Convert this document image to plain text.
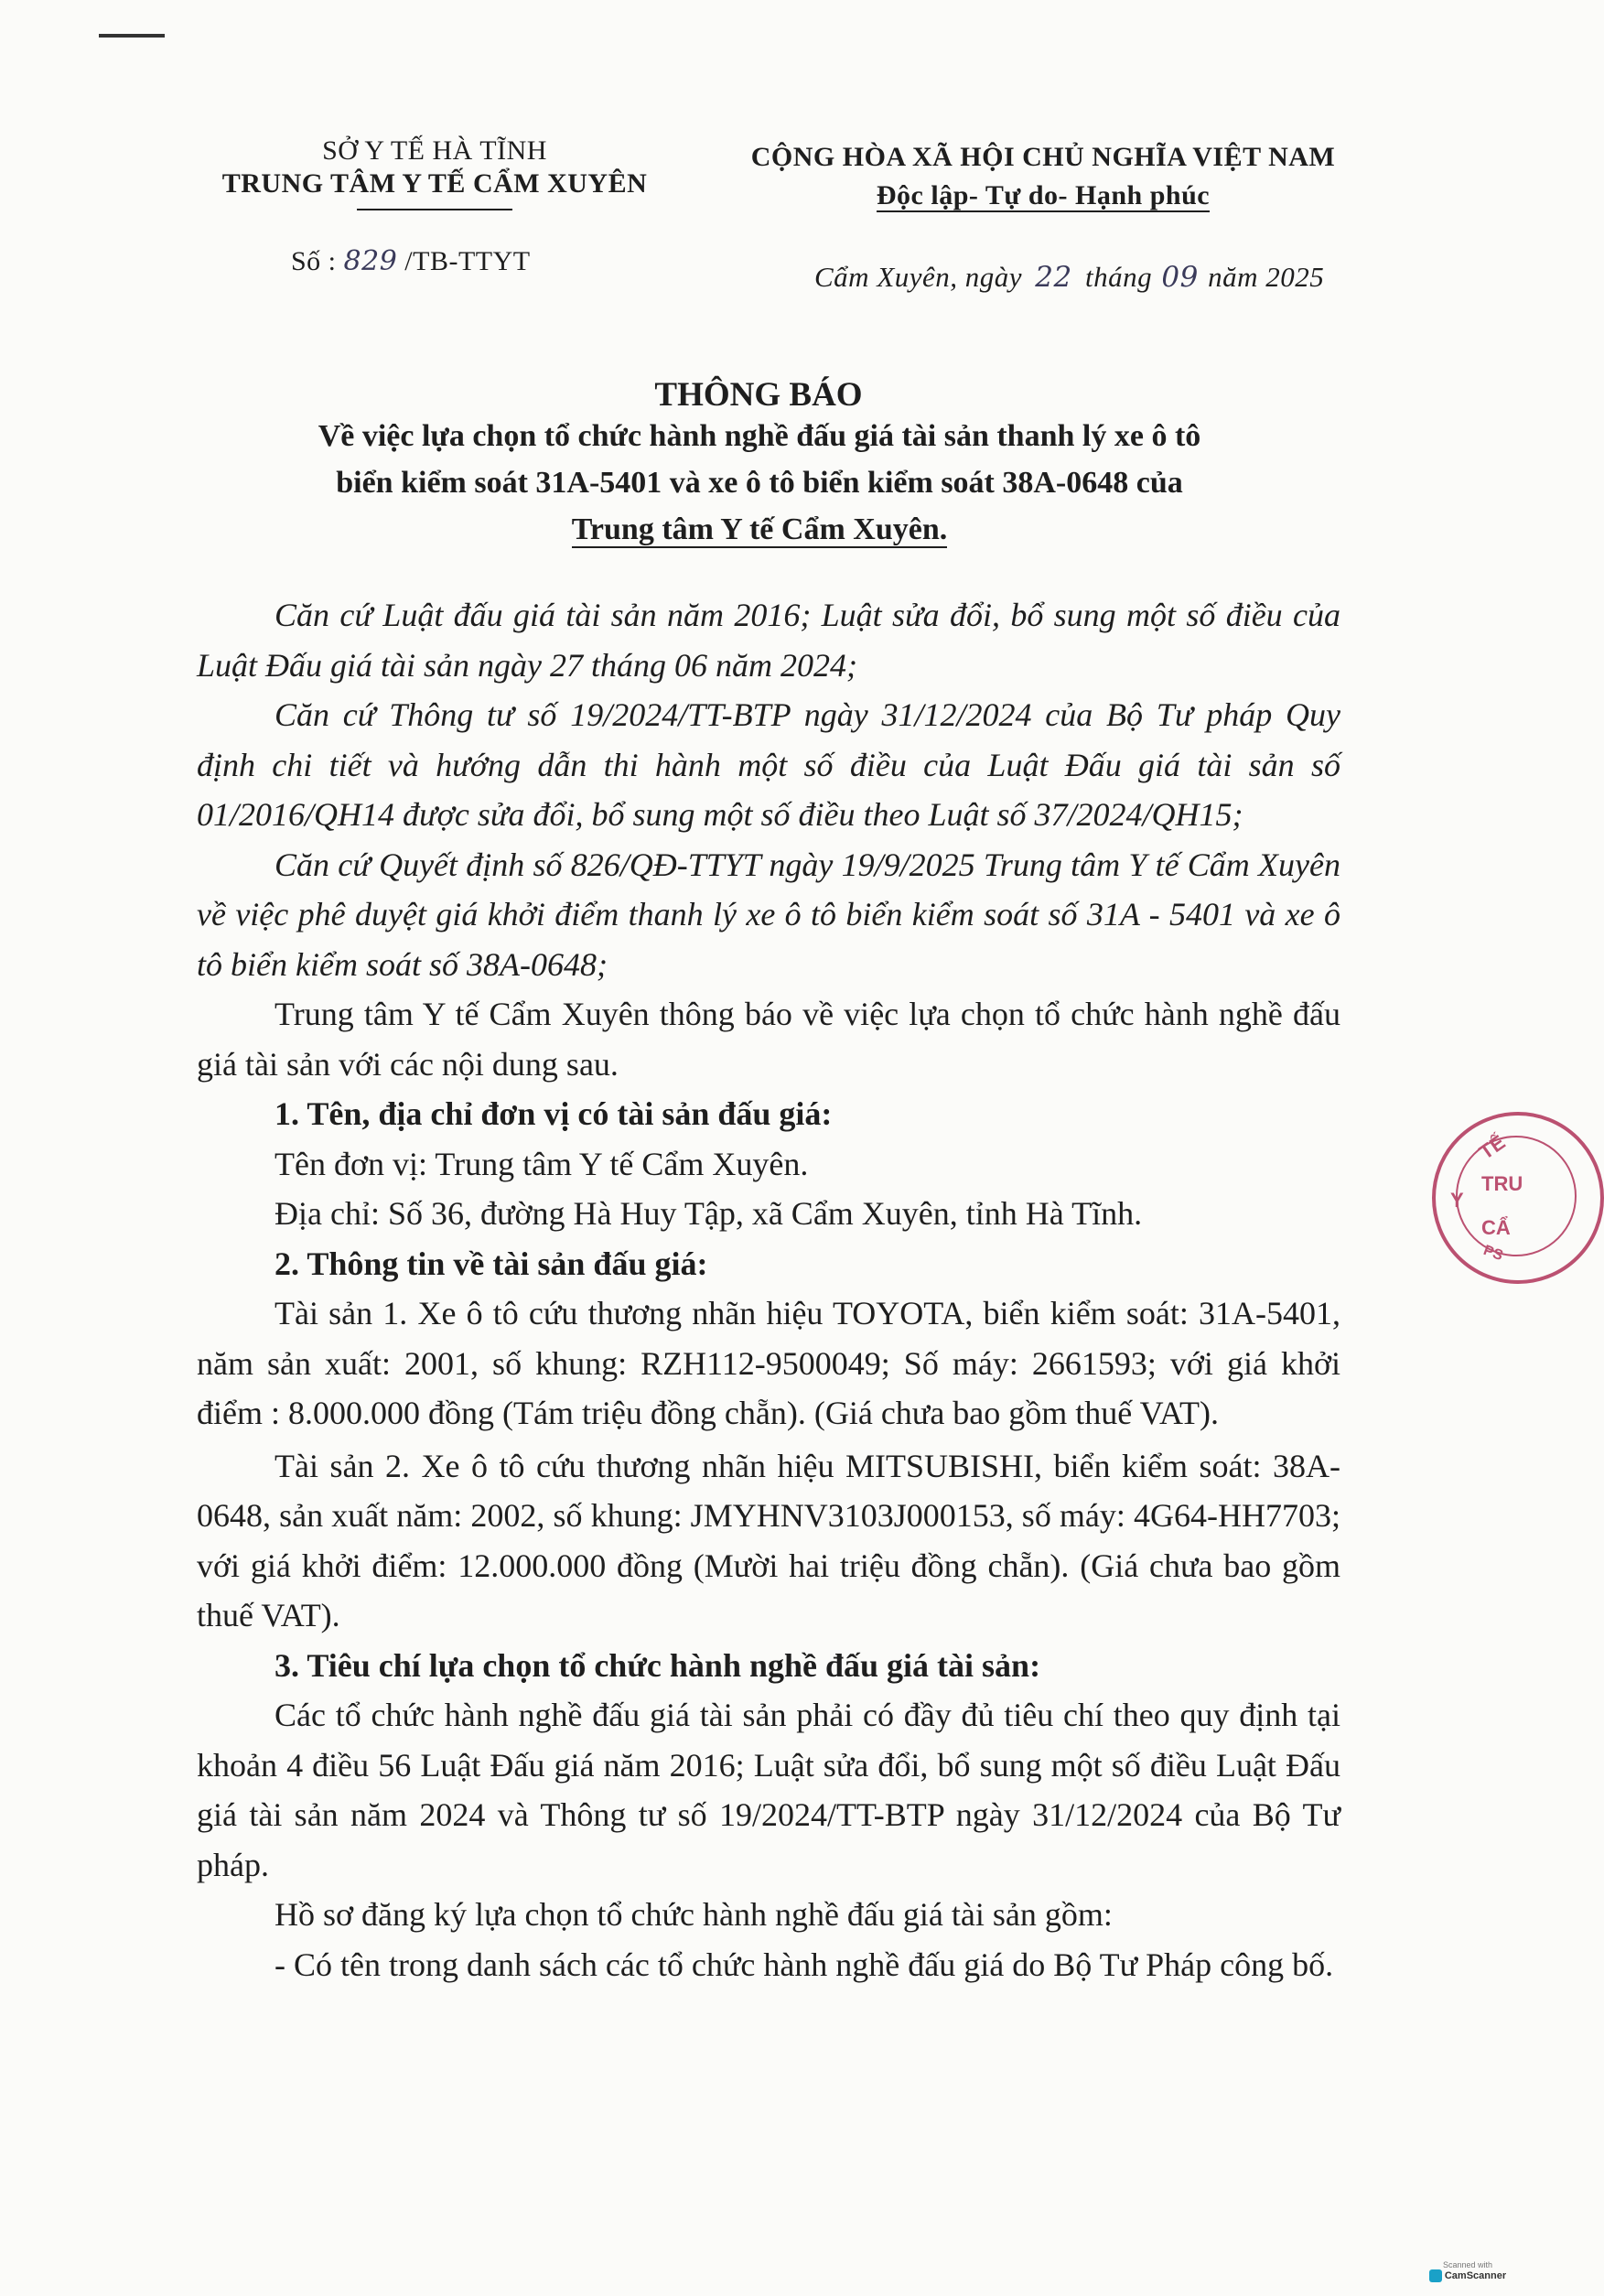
SỞ Y TẾ HÀ TĨNH
TRUNG TÂM Y TẾ CẨM XUYÊN
Số : 829 /TB-TTYT
CỘNG HÒA XÃ HỘI CHỦ NGHĨA VIỆT NAM
Độc lập- Tự do- Hạnh phúc
Cẩm Xuyên, ngày 22 tháng 09 năm 2025
THÔNG BÁO
Về việc lựa chọn tổ chức hành nghề đấu giá tài sản thanh lý xe ô tô
biển kiểm soát 31A-5401 và xe ô tô biển kiểm soát 38A-0648 của
Trung tâm Y tế Cẩm Xuyên.

Căn cứ Luật đấu giá tài sản năm 2016; Luật sửa đổi, bổ sung một số điều của Luật Đấu giá tài sản ngày 27 tháng 06 năm 2024;

Căn cứ Thông tư số 19/2024/TT-BTP ngày 31/12/2024 của Bộ Tư pháp Quy định chi tiết và hướng dẫn thi hành một số điều của Luật Đấu giá tài sản số 01/2016/QH14 được sửa đổi, bổ sung một số điều theo Luật số 37/2024/QH15;

Căn cứ Quyết định số 826/QĐ-TTYT ngày 19/9/2025 Trung tâm Y tế Cẩm Xuyên về việc phê duyệt giá khởi điểm thanh lý xe ô tô biển kiểm soát số 31A - 5401 và xe ô tô biển kiểm soát số 38A-0648;

Trung tâm Y tế Cẩm Xuyên thông báo về việc lựa chọn tổ chức hành nghề đấu giá tài sản với các nội dung sau.

1. Tên, địa chỉ đơn vị có tài sản đấu giá:

Tên đơn vị: Trung tâm Y tế Cẩm Xuyên.

Địa chỉ: Số 36, đường Hà Huy Tập, xã Cẩm Xuyên, tỉnh Hà Tĩnh.

2. Thông tin về tài sản đấu giá:

Tài sản 1. Xe ô tô cứu thương nhãn hiệu TOYOTA, biển kiểm soát: 31A-5401, năm sản xuất: 2001, số khung: RZH112-9500049; Số máy: 2661593; với giá khởi điểm : 8.000.000 đồng (Tám triệu đồng chẵn). (Giá chưa bao gồm thuế VAT).

Tài sản 2. Xe ô tô cứu thương nhãn hiệu MITSUBISHI, biển kiểm soát: 38A-0648, sản xuất năm: 2002, số khung: JMYHNV3103J000153, số máy: 4G64-HH7703; với giá khởi điểm: 12.000.000 đồng (Mười hai triệu đồng chẵn). (Giá chưa bao gồm thuế VAT).

3. Tiêu chí lựa chọn tổ chức hành nghề đấu giá tài sản:

Các tổ chức hành nghề đấu giá tài sản phải có đầy đủ tiêu chí theo quy định tại khoản 4 điều 56 Luật Đấu giá năm 2016; Luật sửa đổi, bổ sung một số điều Luật Đấu giá tài sản năm 2024 và Thông tư số 19/2024/TT-BTP ngày 31/12/2024 của Bộ Tư pháp.

Hồ sơ đăng ký lựa chọn tổ chức hành nghề đấu giá tài sản gồm:

- Có tên trong danh sách các tổ chức hành nghề đấu giá do Bộ Tư Pháp công bố.

TẾ
Y
TRU
CẨ
PS
Scanned with
CamScanner
